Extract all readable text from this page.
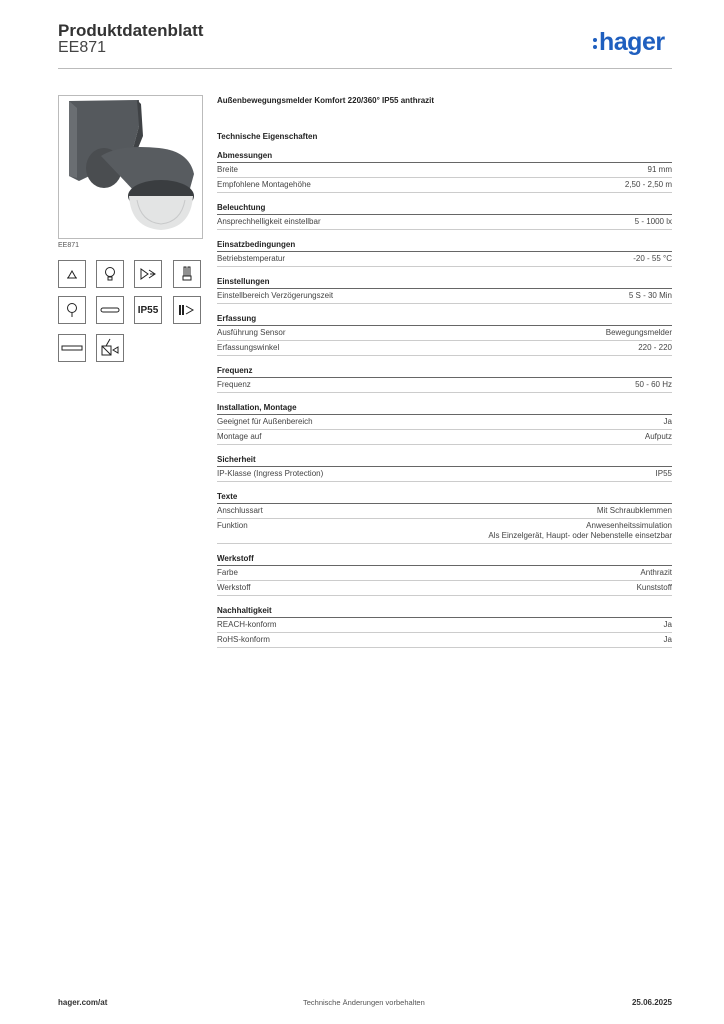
Produktdatenblatt
EE871	hager
EE871
IP55
Außenbewegungsmelder Komfort 220/360° IP55 anthrazit
Technische Eigenschaften
Abmessungen
Breite	91 mm
Empfohlene Montagehöhe	2,50 - 2,50 m
Beleuchtung
Ansprechhelligkeit einstellbar	5 - 1000 lx
Einsatzbedingungen
Betriebstemperatur	-20 - 55 °C
Einstellungen
Einstellbereich Verzögerungszeit	5 S - 30 Min
Erfassung
Ausführung Sensor	Bewegungsmelder
Erfassungswinkel	220 - 220
Frequenz
Frequenz	50 - 60 Hz
Installation, Montage
Geeignet für Außenbereich	Ja
Montage auf	Aufputz
Sicherheit
IP-Klasse (Ingress Protection)	IP55
Texte
Anschlussart	Mit Schraubklemmen
Funktion	Anwesenheitssimulation
Als Einzelgerät, Haupt- oder Nebenstelle einsetzbar
Werkstoff
Farbe	Anthrazit
Werkstoff	Kunststoff
Nachhaltigkeit
REACH-konform	Ja
RoHS-konform	Ja
hager.com/at	Technische Änderungen vorbehalten	25.06.2025
